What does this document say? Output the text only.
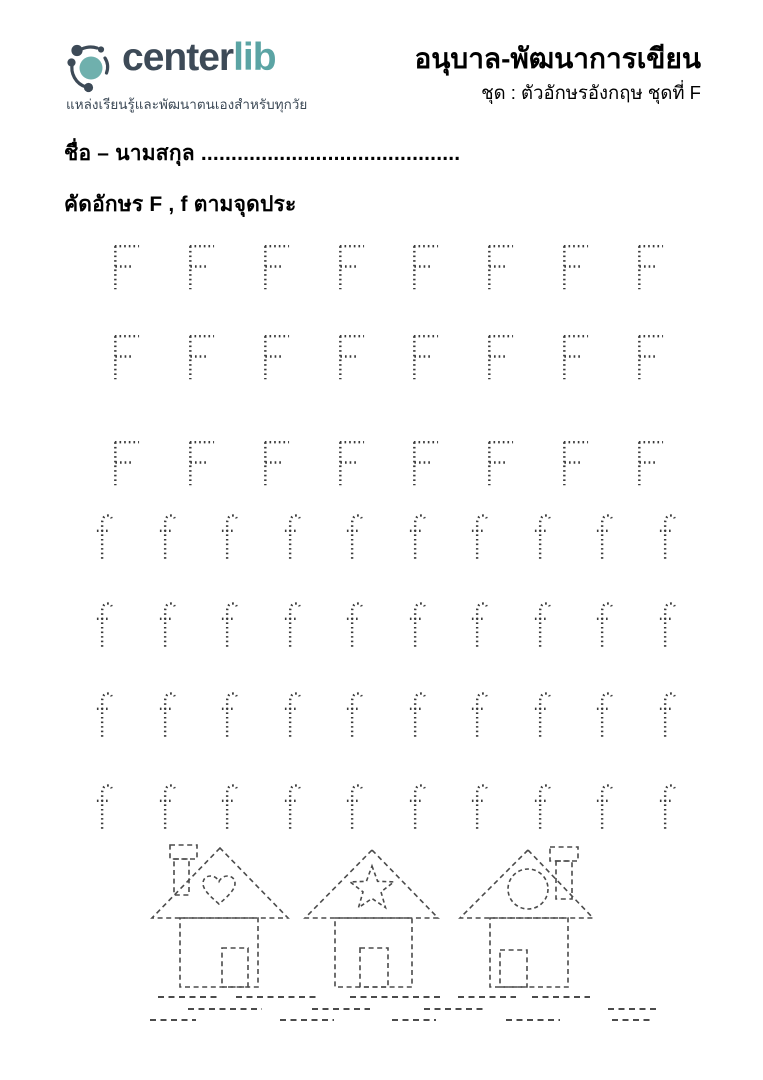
centerlib
แหล่งเรียนรู้และพัฒนาตนเองสำหรับทุกวัย
อนุบาล-พัฒนาการเขียน
ชุด : ตัวอักษรอังกฤษ ชุดที่ F
ชื่อ – นามสกุล ...........................................
คัดอักษร F , f ตามจุดประ
